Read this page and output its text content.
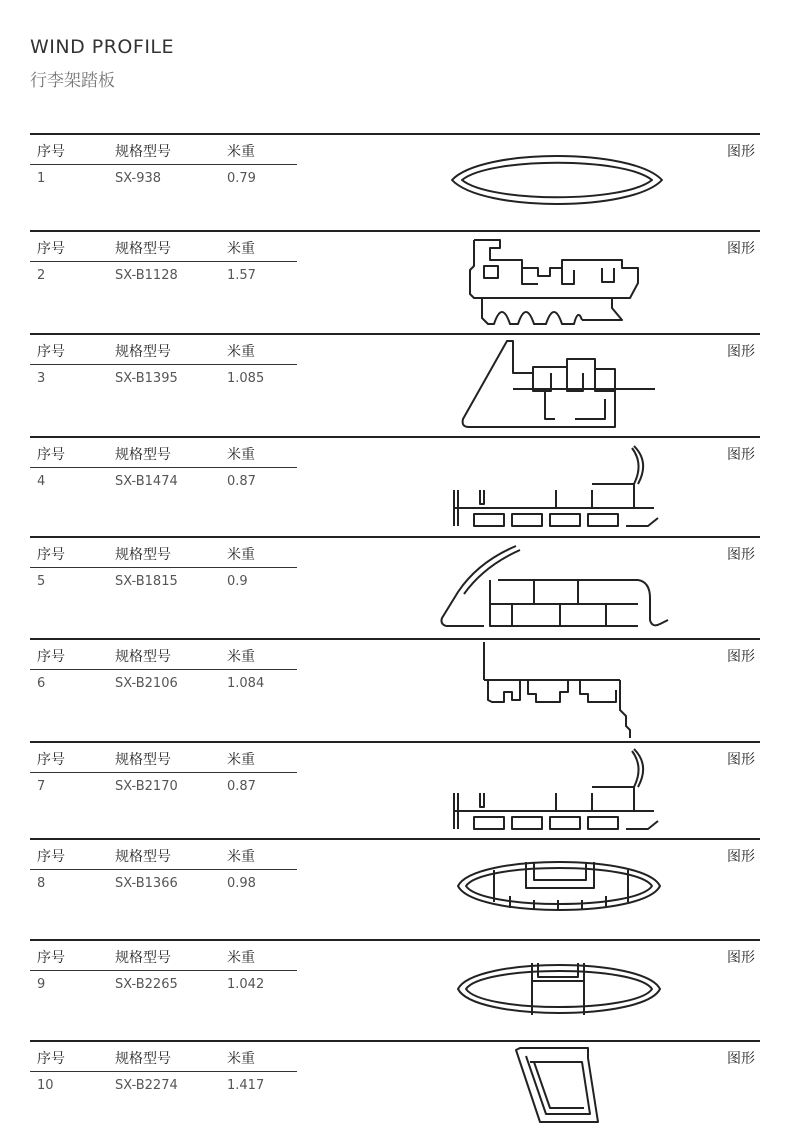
WIND PROFILE
行李架踏板
序号	规格型号	米重
1	SX-938	0.79
图形
序号	规格型号	米重
2	SX-B1128	1.57
图形
序号	规格型号	米重
3	SX-B1395	1.085
图形
序号	规格型号	米重
4	SX-B1474	0.87
图形
序号	规格型号	米重
5	SX-B1815	0.9
图形
序号	规格型号	米重
6	SX-B2106	1.084
图形
序号	规格型号	米重
7	SX-B2170	0.87
图形
序号	规格型号	米重
8	SX-B1366	0.98
图形
序号	规格型号	米重
9	SX-B2265	1.042
图形
序号	规格型号	米重
10	SX-B2274	1.417
图形
